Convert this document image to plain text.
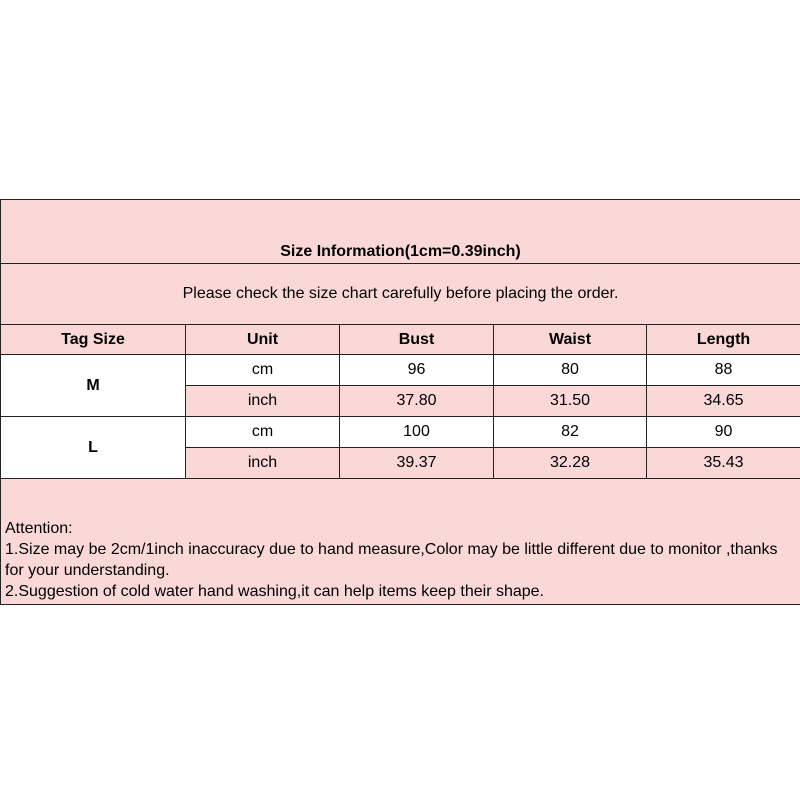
Size Information(1cm=0.39inch)				
Please check the size chart carefully before placing the order.				
Tag Size	Unit	Bust	Waist	Length
M	cm	96	80	88
	inch	37.80	31.50	34.65
L	cm	100	82	90
	inch	39.37	32.28	35.43

Attention:
1.Size may be 2cm/1inch inaccuracy due to hand measure,Color may be little different due to monitor ,thanks for your understanding.
2.Suggestion of cold water hand washing,it can help items keep their shape.				
